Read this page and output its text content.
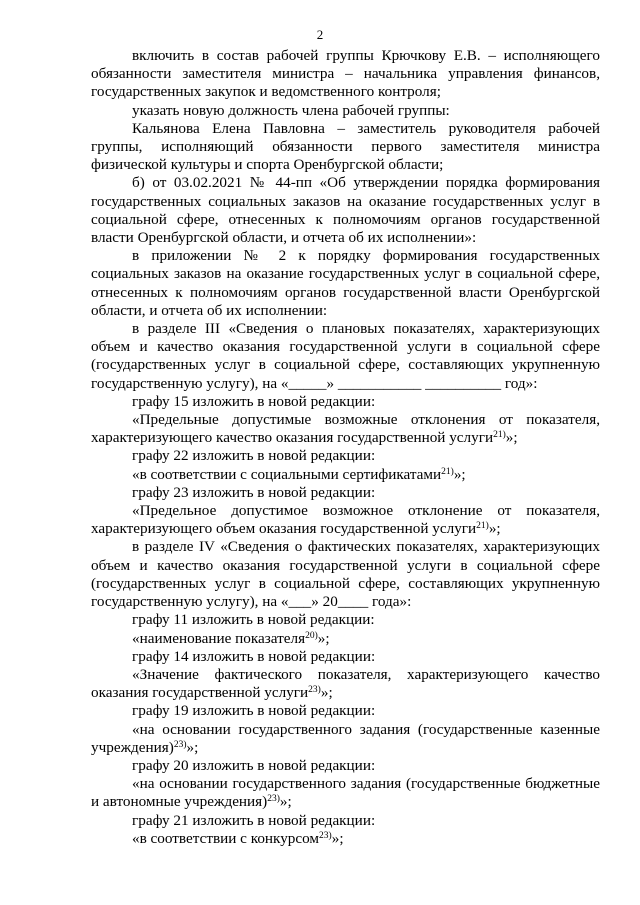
2

включить в состав рабочей группы Крючкову Е.В. – исполняющего обязанности заместителя министра – начальника управления финансов, государственных закупок и ведомственного контроля;

указать новую должность члена рабочей группы:

Кальянова Елена Павловна – заместитель руководителя рабочей группы, исполняющий обязанности первого заместителя министра физической культуры и спорта Оренбургской области;

б) от 03.02.2021 № 44-пп «Об утверждении порядка формирования государственных социальных заказов на оказание государственных услуг в социальной сфере, отнесенных к полномочиям органов государственной власти Оренбургской области, и отчета об их исполнении»:

в приложении № 2 к порядку формирования государственных социальных заказов на оказание государственных услуг в социальной сфере, отнесенных к полномочиям органов государственной власти Оренбургской области, и отчета об их исполнении:

в разделе III «Сведения о плановых показателях, характеризующих объем и качество оказания государственной услуги в социальной сфере (государственных услуг в социальной сфере, составляющих укрупненную государственную услугу), на «_____» ___________ __________ год»:

графу 15 изложить в новой редакции:

«Предельные допустимые возможные отклонения от показателя, характеризующего качество оказания государственной услуги$^{21)}$»;

графу 22 изложить в новой редакции:

«в соответствии с социальными сертификатами$^{21)}$»;

графу 23 изложить в новой редакции:

«Предельное допустимое возможное отклонение от показателя, характеризующего объем оказания государственной услуги$^{21)}$»;

в разделе IV «Сведения о фактических показателях, характеризующих объем и качество оказания государственной услуги в социальной сфере (государственных услуг в социальной сфере, составляющих укрупненную государственную услугу), на «___» 20____ года»:

графу 11 изложить в новой редакции:

«наименование показателя$^{20)}$»;

графу 14 изложить в новой редакции:

«Значение фактического показателя, характеризующего качество оказания государственной услуги$^{23)}$»;

графу 19 изложить в новой редакции:

«на основании государственного задания (государственные казенные учреждения)$^{23)}$»;

графу 20 изложить в новой редакции:

«на основании государственного задания (государственные бюджетные и автономные учреждения)$^{23)}$»;

графу 21 изложить в новой редакции:

«в соответствии с конкурсом$^{23)}$»;
